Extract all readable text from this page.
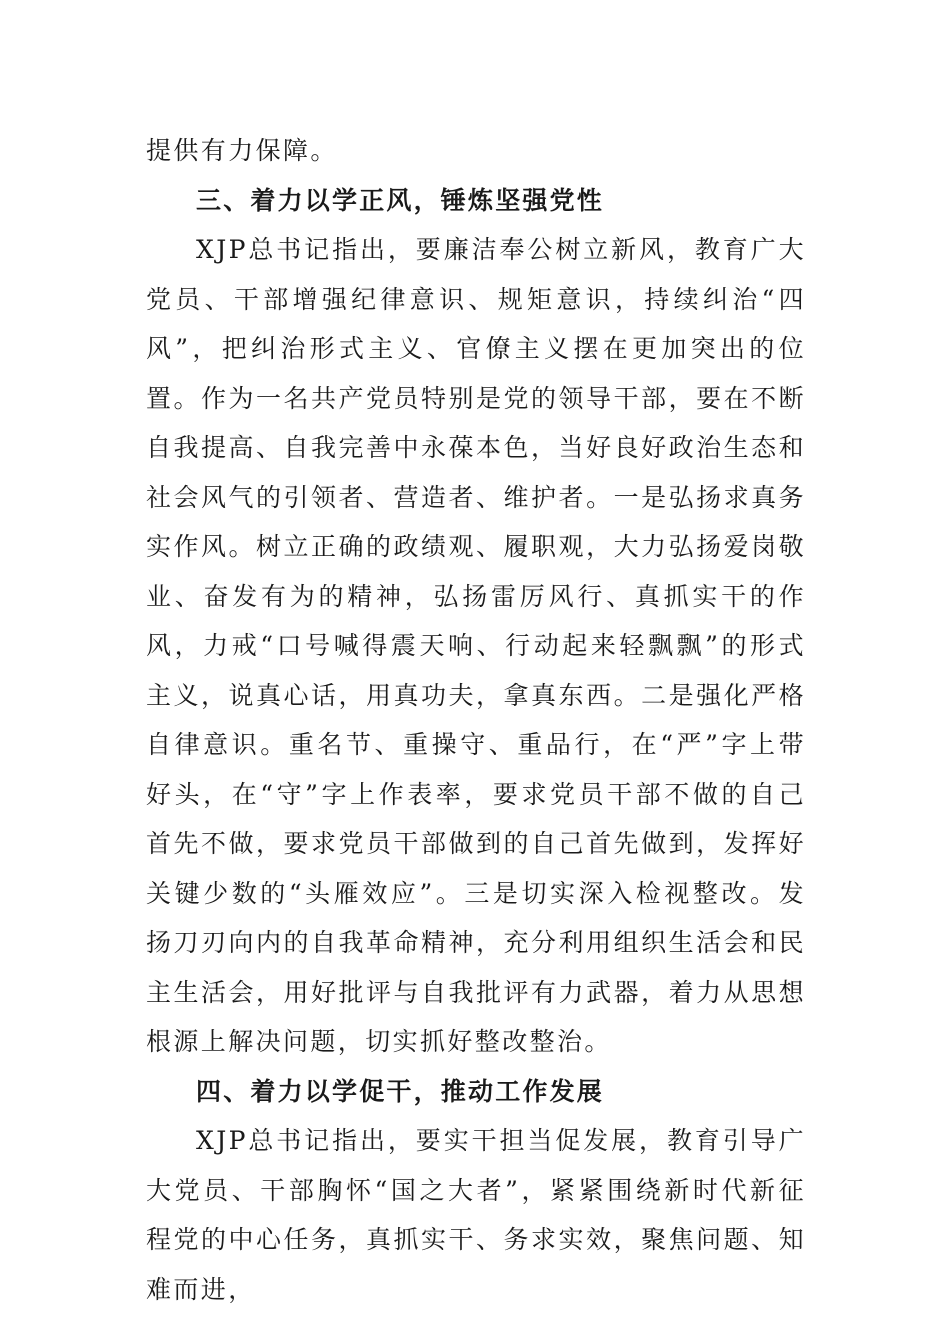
提供有力保障。

三、着力以学正风，锤炼坚强党性

XJP总书记指出，要廉洁奉公树立新风，教育广大党员、干部增强纪律意识、规矩意识，持续纠治“四风”，把纠治形式主义、官僚主义摆在更加突出的位置。作为一名共产党员特别是党的领导干部，要在不断自我提高、自我完善中永葆本色，当好良好政治生态和社会风气的引领者、营造者、维护者。一是弘扬求真务实作风。树立正确的政绩观、履职观，大力弘扬爱岗敬业、奋发有为的精神，弘扬雷厉风行、真抓实干的作风，力戒“口号喊得震天响、行动起来轻飘飘”的形式主义，说真心话，用真功夫，拿真东西。二是强化严格自律意识。重名节、重操守、重品行，在“严”字上带好头，在“守”字上作表率，要求党员干部不做的自己首先不做，要求党员干部做到的自己首先做到，发挥好关键少数的“头雁效应”。三是切实深入检视整改。发扬刀刃向内的自我革命精神，充分利用组织生活会和民主生活会，用好批评与自我批评有力武器，着力从思想根源上解决问题，切实抓好整改整治。

四、着力以学促干，推动工作发展

XJP总书记指出，要实干担当促发展，教育引导广大党员、干部胸怀“国之大者”，紧紧围绕新时代新征程党的中心任务，真抓实干、务求实效，聚焦问题、知难而进，
